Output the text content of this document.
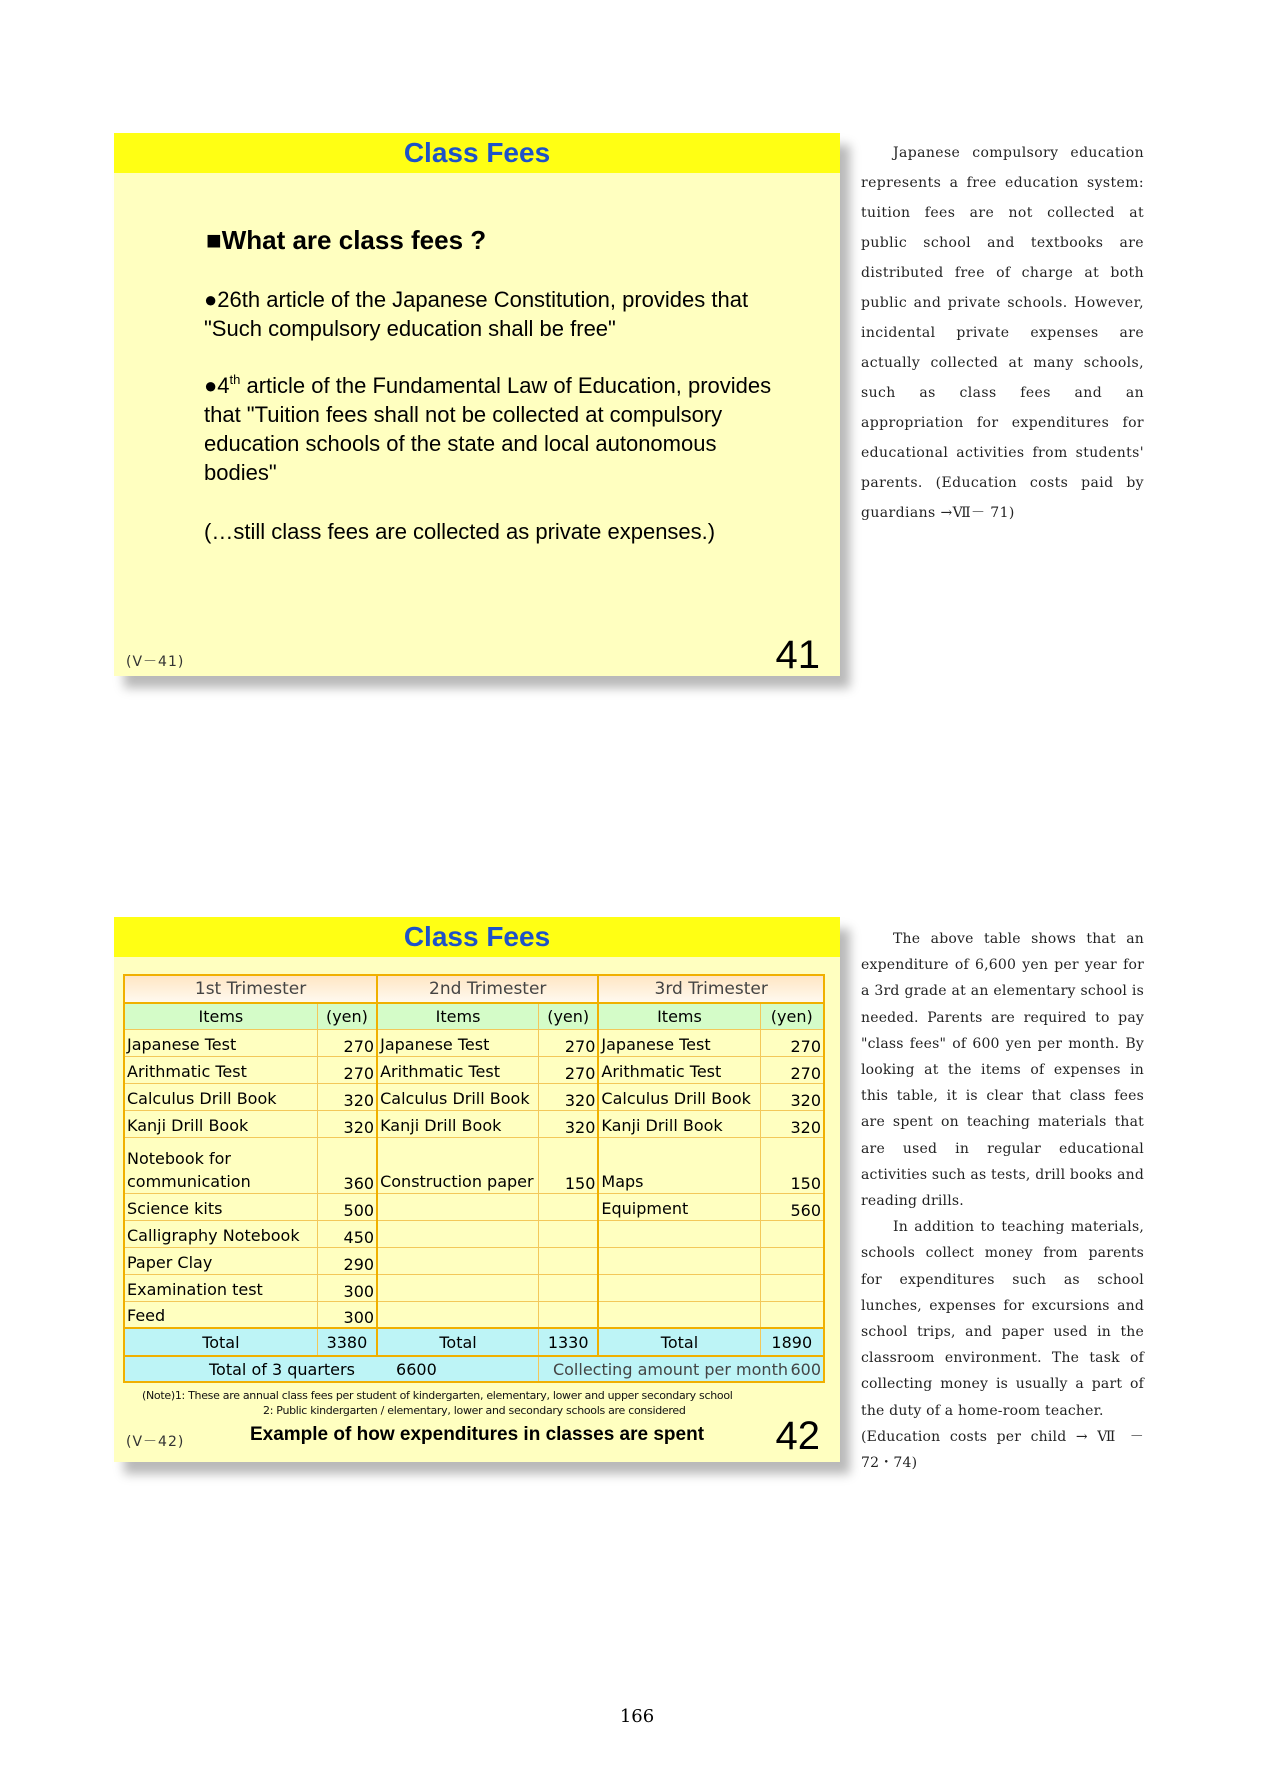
Class Fees
■What are class fees ?
●26th article of the Japanese Constitution, provides that "Such compulsory education shall be free"
●4th article of the Fundamental Law of Education, provides that "Tuition fees shall not be collected at compulsory education schools of the state and local autonomous bodies"
(…still class fees are collected as private expenses.)
(V－41)	41

Japanese compulsory education represents a free education system: tuition fees are not collected at public school and textbooks are distributed free of charge at both public and private schools. However, incidental private expenses are actually collected at many schools, such as class fees and an appropriation for expenditures for educational activities from students' parents. (Education costs paid by guardians →Ⅶ－ 71)

Class Fees
1st Trimester		2nd Trimester		3rd Trimester	
Items	(yen)	Items	(yen)	Items	(yen)
Japanese Test	270	Japanese Test	270	Japanese Test	270
Arithmatic Test	270	Arithmatic Test	270	Arithmatic Test	270
Calculus Drill Book	320	Calculus Drill Book	320	Calculus Drill Book	320
Kanji Drill Book	320	Kanji Drill Book	320	Kanji Drill Book	320
Notebook for communication	360	Construction paper	150	Maps	150
Science kits	500			Equipment	560
Calligraphy Notebook	450				
Paper Clay	290				
Examination test	300				
Feed	300				
Total	3380	Total	1330	Total	1890
Total of 3 quarters 6600			Collecting amount per month 600		
(Note)1: These are annual class fees per student of kindergarten, elementary, lower and upper secondary school
2: Public kindergarten / elementary, lower and secondary schools are considered
Example of how expenditures in classes are spent
(V－42)	42

The above table shows that an expenditure of 6,600 yen per year for a 3rd grade at an elementary school is needed. Parents are required to pay "class fees" of 600 yen per month. By looking at the items of expenses in this table, it is clear that class fees are spent on teaching materials that are used in regular educational activities such as tests, drill books and reading drills.

In addition to teaching materials, schools collect money from parents for expenditures such as school lunches, expenses for excursions and school trips, and paper used in the classroom environment. The task of collecting money is usually a part of the duty of a home-room teacher.

(Education costs per child → Ⅶ － 72・74)

166
